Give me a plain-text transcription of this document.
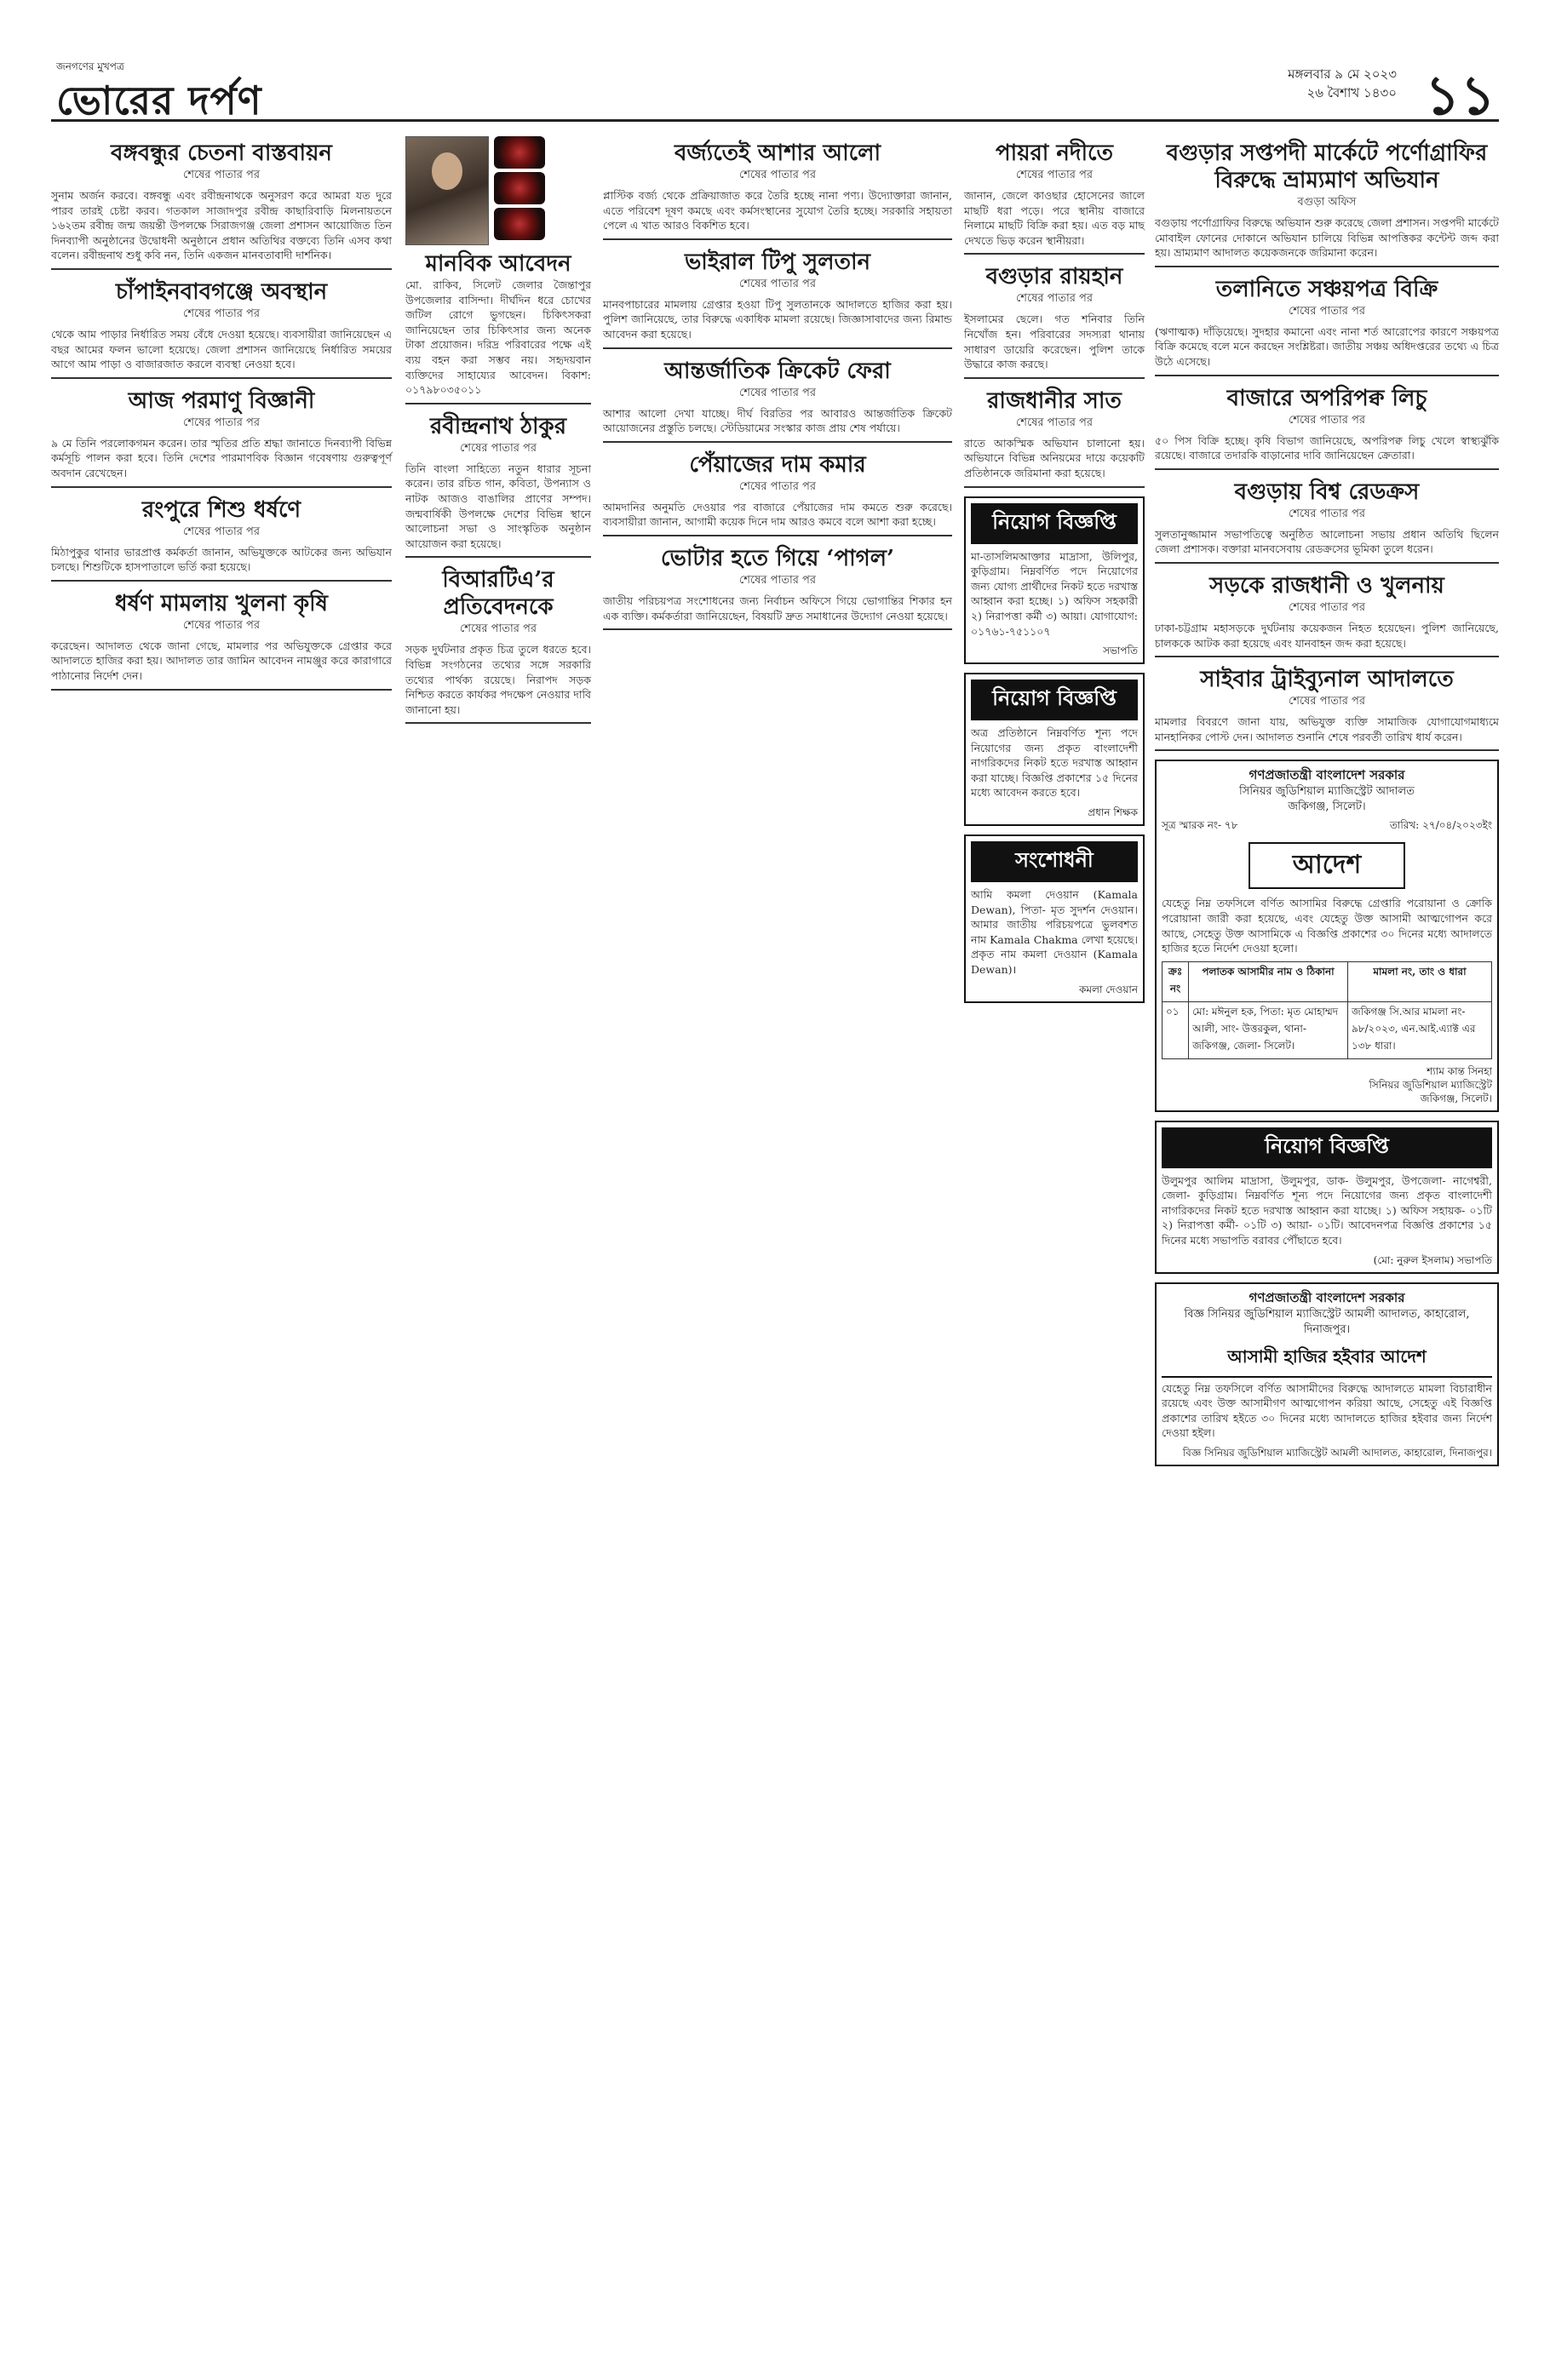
জনগণের মুখপত্র
ভোরের দর্পণ
মঙ্গলবার ৯ মে ২০২৩
২৬ বৈশাখ ১৪৩০ ১১
বঙ্গবন্ধুর চেতনা বাস্তবায়ন
শেষের পাতার পর

সুনাম অর্জন করবে। বঙ্গবন্ধু এবং রবীন্দ্রনাথকে অনুসরণ করে আমরা যত দুরে পারব তারই চেষ্টা করব। গতকাল সাজাদপুর রবীন্দ্র কাছারিবাড়ি মিলনায়তনে ১৬২তম রবীন্দ্র জন্ম জয়ন্তী উপলক্ষে সিরাজগঞ্জ জেলা প্রশাসন আয়োজিত তিন দিনব্যাপী অনুষ্ঠানের উদ্বোধনী অনুষ্ঠানে প্রধান অতিথির বক্তব্যে তিনি এসব কথা বলেন। রবীন্দ্রনাথ শুধু কবি নন, তিনি একজন মানবতাবাদী দার্শনিক।

চাঁপাইনবাবগঞ্জে অবস্থান
শেষের পাতার পর

থেকে আম পাড়ার নির্ধারিত সময় বেঁধে দেওয়া হয়েছে। ব্যবসায়ীরা জানিয়েছেন এ বছর আমের ফলন ভালো হয়েছে। জেলা প্রশাসন জানিয়েছে নির্ধারিত সময়ের আগে আম পাড়া ও বাজারজাত করলে ব্যবস্থা নেওয়া হবে।

আজ পরমাণু বিজ্ঞানী
শেষের পাতার পর

৯ মে তিনি পরলোকগমন করেন। তার স্মৃতির প্রতি শ্রদ্ধা জানাতে দিনব্যাপী বিভিন্ন কর্মসূচি পালন করা হবে। তিনি দেশের পারমাণবিক বিজ্ঞান গবেষণায় গুরুত্বপূর্ণ অবদান রেখেছেন।

রংপুরে শিশু ধর্ষণে
শেষের পাতার পর

মিঠাপুকুর থানার ভারপ্রাপ্ত কর্মকর্তা জানান, অভিযুক্তকে আটকের জন্য অভিযান চলছে। শিশুটিকে হাসপাতালে ভর্তি করা হয়েছে।

ধর্ষণ মামলায় খুলনা কৃষি
শেষের পাতার পর

করেছেন। আদালত থেকে জানা গেছে, মামলার পর অভিযুক্তকে গ্রেপ্তার করে আদালতে হাজির করা হয়। আদালত তার জামিন আবেদন নামঞ্জুর করে কারাগারে পাঠানোর নির্দেশ দেন।

মানবিক আবেদন

মো. রাকিব, সিলেট জেলার জৈন্তাপুর উপজেলার বাসিন্দা। দীর্ঘদিন ধরে চোখের জটিল রোগে ভুগছেন। চিকিৎসকরা জানিয়েছেন তার চিকিৎসার জন্য অনেক টাকা প্রয়োজন। দরিদ্র পরিবারের পক্ষে এই ব্যয় বহন করা সম্ভব নয়। সহৃদয়বান ব্যক্তিদের সাহায্যের আবেদন। বিকাশ: ০১৭৯৮০৩৫০১১

রবীন্দ্রনাথ ঠাকুর
শেষের পাতার পর

তিনি বাংলা সাহিত্যে নতুন ধারার সূচনা করেন। তার রচিত গান, কবিতা, উপন্যাস ও নাটক আজও বাঙালির প্রাণের সম্পদ। জন্মবার্ষিকী উপলক্ষে দেশের বিভিন্ন স্থানে আলোচনা সভা ও সাংস্কৃতিক অনুষ্ঠান আয়োজন করা হয়েছে।

বিআরটিএ’র প্রতিবেদনকে
শেষের পাতার পর

সড়ক দুর্ঘটনার প্রকৃত চিত্র তুলে ধরতে হবে। বিভিন্ন সংগঠনের তথ্যের সঙ্গে সরকারি তথ্যের পার্থক্য রয়েছে। নিরাপদ সড়ক নিশ্চিত করতে কার্যকর পদক্ষেপ নেওয়ার দাবি জানানো হয়।

বর্জ্যতেই আশার আলো
শেষের পাতার পর

প্লাস্টিক বর্জ্য থেকে প্রক্রিয়াজাত করে তৈরি হচ্ছে নানা পণ্য। উদ্যোক্তারা জানান, এতে পরিবেশ দূষণ কমছে এবং কর্মসংস্থানের সুযোগ তৈরি হচ্ছে। সরকারি সহায়তা পেলে এ খাত আরও বিকশিত হবে।

ভাইরাল টিপু সুলতান
শেষের পাতার পর

মানবপাচারের মামলায় গ্রেপ্তার হওয়া টিপু সুলতানকে আদালতে হাজির করা হয়। পুলিশ জানিয়েছে, তার বিরুদ্ধে একাধিক মামলা রয়েছে। জিজ্ঞাসাবাদের জন্য রিমান্ড আবেদন করা হয়েছে।

আন্তর্জাতিক ক্রিকেট ফেরা
শেষের পাতার পর

আশার আলো দেখা যাচ্ছে। দীর্ঘ বিরতির পর আবারও আন্তর্জাতিক ক্রিকেট আয়োজনের প্রস্তুতি চলছে। স্টেডিয়ামের সংস্কার কাজ প্রায় শেষ পর্যায়ে।

পেঁয়াজের দাম কমার
শেষের পাতার পর

আমদানির অনুমতি দেওয়ার পর বাজারে পেঁয়াজের দাম কমতে শুরু করেছে। ব্যবসায়ীরা জানান, আগামী কয়েক দিনে দাম আরও কমবে বলে আশা করা হচ্ছে।

ভোটার হতে গিয়ে ‘পাগল’
শেষের পাতার পর

জাতীয় পরিচয়পত্র সংশোধনের জন্য নির্বাচন অফিসে গিয়ে ভোগান্তির শিকার হন এক ব্যক্তি। কর্মকর্তারা জানিয়েছেন, বিষয়টি দ্রুত সমাধানের উদ্যোগ নেওয়া হয়েছে।

পায়রা নদীতে
শেষের পাতার পর

জানান, জেলে কাওছার হোসেনের জালে মাছটি ধরা পড়ে। পরে স্থানীয় বাজারে নিলামে মাছটি বিক্রি করা হয়। এত বড় মাছ দেখতে ভিড় করেন স্থানীয়রা।

বগুড়ার রায়হান
শেষের পাতার পর

ইসলামের ছেলে। গত শনিবার তিনি নিখোঁজ হন। পরিবারের সদস্যরা থানায় সাধারণ ডায়েরি করেছেন। পুলিশ তাকে উদ্ধারে কাজ করছে।

রাজধানীর সাত
শেষের পাতার পর

রাতে আকস্মিক অভিযান চালানো হয়। অভিযানে বিভিন্ন অনিয়মের দায়ে কয়েকটি প্রতিষ্ঠানকে জরিমানা করা হয়েছে।

নিয়োগ বিজ্ঞপ্তি

মা-তাসলিমআক্তার মাদ্রাসা, উলিপুর, কুড়িগ্রাম। নিম্নবর্ণিত পদে নিয়োগের জন্য যোগ্য প্রার্থীদের নিকট হতে দরখাস্ত আহ্বান করা হচ্ছে। ১) অফিস সহকারী ২) নিরাপত্তা কর্মী ৩) আয়া। যোগাযোগ: ০১৭৬১-৭৫১১০৭

সভাপতি
নিয়োগ বিজ্ঞপ্তি

অত্র প্রতিষ্ঠানে নিম্নবর্ণিত শূন্য পদে নিয়োগের জন্য প্রকৃত বাংলাদেশী নাগরিকদের নিকট হতে দরখাস্ত আহ্বান করা যাচ্ছে। বিজ্ঞপ্তি প্রকাশের ১৫ দিনের মধ্যে আবেদন করতে হবে।

প্রধান শিক্ষক
সংশোধনী

আমি কমলা দেওয়ান (Kamala Dewan), পিতা- মৃত সুদর্শন দেওয়ান। আমার জাতীয় পরিচয়পত্রে ভুলবশত নাম Kamala Chakma লেখা হয়েছে। প্রকৃত নাম কমলা দেওয়ান (Kamala Dewan)।

কমলা দেওয়ান
বগুড়ার সপ্তপদী মার্কেটে পর্ণোগ্রাফির বিরুদ্ধে ভ্রাম্যমাণ অভিযান
বগুড়া অফিস

বগুড়ায় পর্ণোগ্রাফির বিরুদ্ধে অভিযান শুরু করেছে জেলা প্রশাসন। সপ্তপদী মার্কেটে মোবাইল ফোনের দোকানে অভিযান চালিয়ে বিভিন্ন আপত্তিকর কন্টেন্ট জব্দ করা হয়। ভ্রাম্যমাণ আদালত কয়েকজনকে জরিমানা করেন।

তলানিতে সঞ্চয়পত্র বিক্রি
শেষের পাতার পর

(ঋণাত্মক) দাঁড়িয়েছে। সুদহার কমানো এবং নানা শর্ত আরোপের কারণে সঞ্চয়পত্র বিক্রি কমেছে বলে মনে করছেন সংশ্লিষ্টরা। জাতীয় সঞ্চয় অধিদপ্তরের তথ্যে এ চিত্র উঠে এসেছে।

বাজারে অপরিপক্ব লিচু
শেষের পাতার পর

৫০ পিস বিক্রি হচ্ছে। কৃষি বিভাগ জানিয়েছে, অপরিপক্ব লিচু খেলে স্বাস্থ্যঝুঁকি রয়েছে। বাজারে তদারকি বাড়ানোর দাবি জানিয়েছেন ক্রেতারা।

বগুড়ায় বিশ্ব রেডক্রস
শেষের পাতার পর

সুলতানুজ্জামান সভাপতিত্বে অনুষ্ঠিত আলোচনা সভায় প্রধান অতিথি ছিলেন জেলা প্রশাসক। বক্তারা মানবসেবায় রেডক্রসের ভূমিকা তুলে ধরেন।

সড়কে রাজধানী ও খুলনায়
শেষের পাতার পর

ঢাকা-চট্টগ্রাম মহাসড়কে দুর্ঘটনায় কয়েকজন নিহত হয়েছেন। পুলিশ জানিয়েছে, চালককে আটক করা হয়েছে এবং যানবাহন জব্দ করা হয়েছে।

সাইবার ট্রাইব্যুনাল আদালতে
শেষের পাতার পর

মামলার বিবরণে জানা যায়, অভিযুক্ত ব্যক্তি সামাজিক যোগাযোগমাধ্যমে মানহানিকর পোস্ট দেন। আদালত শুনানি শেষে পরবর্তী তারিখ ধার্য করেন।

গণপ্রজাতন্ত্রী বাংলাদেশ সরকার
সিনিয়র জুডিশিয়াল ম্যাজিস্ট্রেট আদালত
জকিগঞ্জ, সিলেট।
সূত্র স্মারক নং- ৭৮	তারিখ: ২৭/০৪/২০২৩ইং
আদেশ

যেহেতু নিম্ন তফসিলে বর্ণিত আসামির বিরুদ্ধে গ্রেপ্তারি পরোয়ানা ও ক্রোকি পরোয়ানা জারী করা হয়েছে, এবং যেহেতু উক্ত আসামী আত্মগোপন করে আছে, সেহেতু উক্ত আসামিকে এ বিজ্ঞপ্তি প্রকাশের ৩০ দিনের মধ্যে আদালতে হাজির হতে নির্দেশ দেওয়া হলো।

ক্রঃ নং	পলাতক আসামীর নাম ও ঠিকানা	মামলা নং, তাং ও ধারা
০১	মো: মঈনুল হক, পিতা: মৃত মোহাম্মদ আলী, সাং- উত্তরকুল, থানা- জকিগঞ্জ, জেলা- সিলেট।	জকিগঞ্জ সি.আর মামলা নং- ৯৮/২০২৩, এন.আই.এ্যাক্ট এর ১৩৮ ধারা।
শ্যাম কান্ত সিনহা
সিনিয়র জুডিশিয়াল ম্যাজিস্ট্রেট
জকিগঞ্জ, সিলেট।
নিয়োগ বিজ্ঞপ্তি

উলুমপুর আলিম মাদ্রাসা, উলুমপুর, ডাক- উলুমপুর, উপজেলা- নাগেশ্বরী, জেলা- কুড়িগ্রাম। নিম্নবর্ণিত শূন্য পদে নিয়োগের জন্য প্রকৃত বাংলাদেশী নাগরিকদের নিকট হতে দরখাস্ত আহ্বান করা যাচ্ছে। ১) অফিস সহায়ক- ০১টি ২) নিরাপত্তা কর্মী- ০১টি ৩) আয়া- ০১টি। আবেদনপত্র বিজ্ঞপ্তি প্রকাশের ১৫ দিনের মধ্যে সভাপতি বরাবর পৌঁছাতে হবে।

(মো: নুরুল ইসলাম) সভাপতি
গণপ্রজাতন্ত্রী বাংলাদেশ সরকার
বিজ্ঞ সিনিয়র জুডিশিয়াল ম্যাজিস্ট্রেট আমলী আদালত, কাহারোল, দিনাজপুর।
আসামী হাজির হইবার আদেশ

যেহেতু নিম্ন তফসিলে বর্ণিত আসামীদের বিরুদ্ধে আদালতে মামলা বিচারাধীন রয়েছে এবং উক্ত আসামীগণ আত্মগোপন করিয়া আছে, সেহেতু এই বিজ্ঞপ্তি প্রকাশের তারিখ হইতে ৩০ দিনের মধ্যে আদালতে হাজির হইবার জন্য নির্দেশ দেওয়া হইল।

বিজ্ঞ সিনিয়র জুডিশিয়াল ম্যাজিস্ট্রেট আমলী আদালত, কাহারোল, দিনাজপুর।
